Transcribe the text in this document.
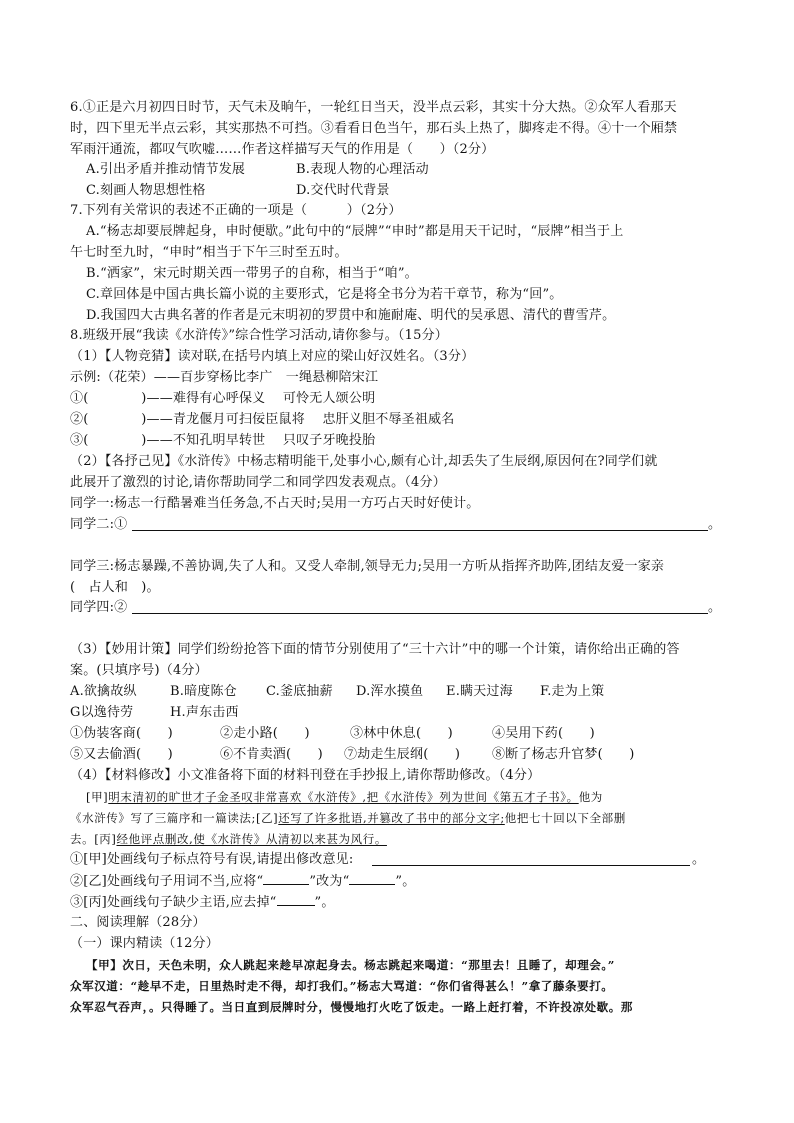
6.①正是六月初四日时节，天气未及晌午，一轮红日当天，没半点云彩，其实十分大热。②众军人看那天
时，四下里无半点云彩，其实那热不可挡。③看看日色当午，那石头上热了，脚疼走不得。④十一个厢禁
军雨汗通流，都叹气吹嘘……作者这样描写天气的作用是（　　）（2分）
A.引出矛盾并推动情节发展	B.表现人物的心理活动
C.刻画人物思想性格	D.交代时代背景
7.下列有关常识的表述不正确的一项是（　　　）（2分）
A.“杨志却要辰牌起身，申时便歇。”此句中的“辰牌”“申时”都是用天干记时，“辰牌”相当于上
午七时至九时，“申时”相当于下午三时至五时。
B.“洒家”，宋元时期关西一带男子的自称，相当于“咱”。
C.章回体是中国古典长篇小说的主要形式，它是将全书分为若干章节，称为“回”。
D.我国四大古典名著的作者是元末明初的罗贯中和施耐庵、明代的吴承恩、清代的曹雪芹。
8.班级开展“我读《水浒传》”综合性学习活动,请你参与。（15分）
（1）【人物竞猜】读对联,在括号内填上对应的梁山好汉姓名。（3分）
示例:（花荣）——百步穿杨比李广　一绳悬柳陪宋江
①(　　　　)——难得有心呼保义　 可怜无人颂公明
②(　　　　)——青龙偃月可扫佞臣鼠将　 忠肝义胆不辱圣祖威名
③(　　　　)——不知孔明早转世　 只叹子牙晚投胎
（2）【各抒己见】《水浒传》中杨志精明能干,处事小心,颇有心计,却丢失了生辰纲,原因何在?同学们就
此展开了激烈的讨论,请你帮助同学二和同学四发表观点。（4分）
同学一:杨志一行酷暑难当任务急,不占天时;吴用一方巧占天时好使计。
同学二:①	。
同学三:杨志暴躁,不善协调,失了人和。又受人牵制,领导无力;吴用一方听从指挥齐助阵,团结友爱一家亲
(　占人和　)。
同学四:②	。
（3）【妙用计策】同学们纷纷抢答下面的情节分别使用了“三十六计”中的哪一个计策，请你给出正确的答
案。(只填序号)（4分）
A.欲擒故纵	B.暗度陈仓 C.釜底抽薪 D.浑水摸鱼 E.瞒天过海 F.走为上策
G以逸待劳	H.声东击西
①伪装客商(　　)	②走小路(　　)	③林中休息(　　)	④吴用下药(　　)
⑤又去偷酒(　　)	⑥不肯卖酒(　　) ⑦劫走生辰纲(　　) ⑧断了杨志升官梦(　　)
（4）【材料修改】小文准备将下面的材料刊登在手抄报上,请你帮助修改。（4分）
[甲]明末清初的旷世才子金圣叹非常喜欢《水浒传》,把《水浒传》列为世间《第五才子书》。他为
《水浒传》写了三篇序和一篇读法;[乙]还写了许多批语,并篡改了书中的部分文字;他把七十回以下全部删
去。[丙]经他评点删改,使《水浒传》从清初以来甚为风行。
①[甲]处画线句子标点符号有误,请提出修改意见:	。
②[乙]处画线句子用词不当,应将“	”改为“	”。
③[丙]处画线句子缺少主语,应去掉“	”。
二、阅读理解（28分）
（一）课内精读（12分）
【甲】次日，天色未明，众人跳起来趁早凉起身去。杨志跳起来喝道：“那里去！且睡了，却理会。”
众军汉道：“趁早不走，日里热时走不得，却打我们。”杨志大骂道：“你们省得甚么！”拿了藤条要打。
众军忍气吞声，。只得睡了。当日直到辰牌时分，慢慢地打火吃了饭走。一路上赶打着，不许投凉处歇。那
